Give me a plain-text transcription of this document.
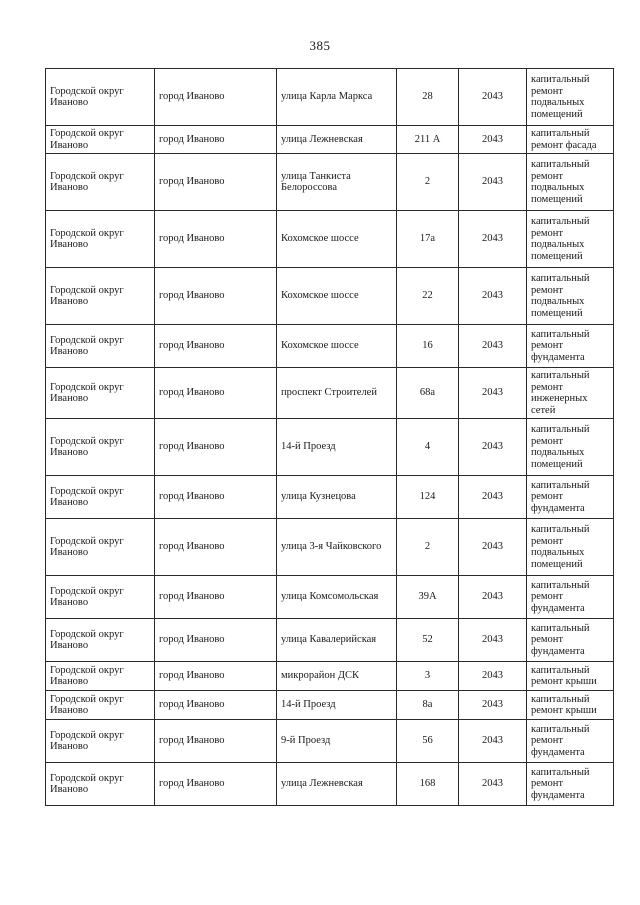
385
Городской округ Иваново	город Иваново	улица Карла Маркса	28	2043	капитальный ремонт подвальных помещений
Городской округ Иваново	город Иваново	улица Лежневская	211 А	2043	капитальный ремонт фасада
Городской округ Иваново	город Иваново	улица Танкиста Белороссова	2	2043	капитальный ремонт подвальных помещений
Городской округ Иваново	город Иваново	Кохомское шоссе	17а	2043	капитальный ремонт подвальных помещений
Городской округ Иваново	город Иваново	Кохомское шоссе	22	2043	капитальный ремонт подвальных помещений
Городской округ Иваново	город Иваново	Кохомское шоссе	16	2043	капитальный ремонт фундамента
Городской округ Иваново	город Иваново	проспект Строителей	68а	2043	капитальный ремонт инженерных сетей
Городской округ Иваново	город Иваново	14-й Проезд	4	2043	капитальный ремонт подвальных помещений
Городской округ Иваново	город Иваново	улица Кузнецова	124	2043	капитальный ремонт фундамента
Городской округ Иваново	город Иваново	улица 3-я Чайковского	2	2043	капитальный ремонт подвальных помещений
Городской округ Иваново	город Иваново	улица Комсомольская	39А	2043	капитальный ремонт фундамента
Городской округ Иваново	город Иваново	улица Кавалерийская	52	2043	капитальный ремонт фундамента
Городской округ Иваново	город Иваново	микрорайон ДСК	3	2043	капитальный ремонт крыши
Городской округ Иваново	город Иваново	14-й Проезд	8а	2043	капитальный ремонт крыши
Городской округ Иваново	город Иваново	9-й Проезд	56	2043	капитальный ремонт фундамента
Городской округ Иваново	город Иваново	улица Лежневская	168	2043	капитальный ремонт фундамента
